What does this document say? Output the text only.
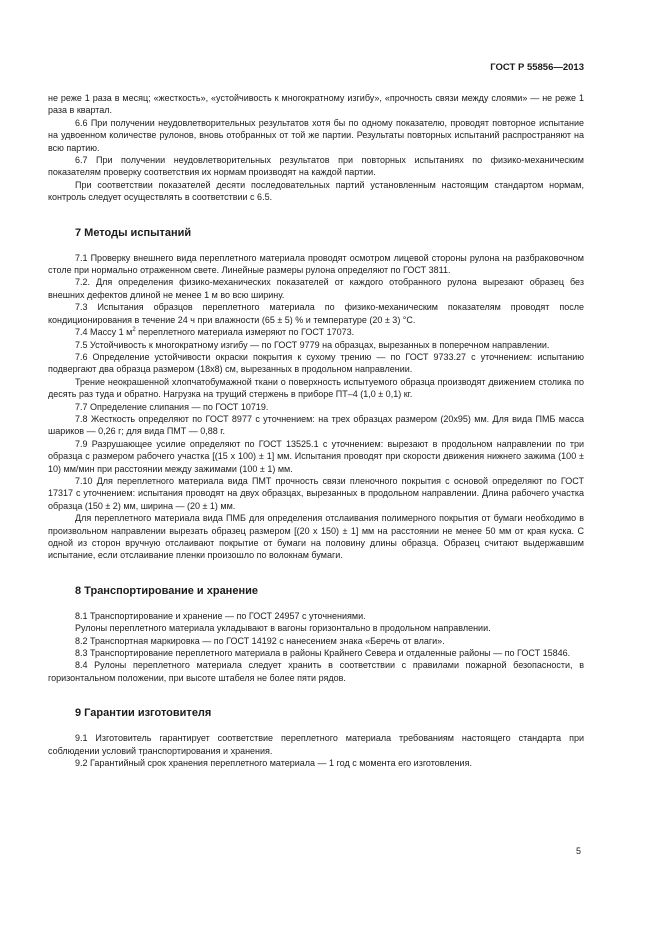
ГОСТ Р 55856—2013

не реже 1 раза в месяц; «жесткость», «устойчивость к многократному изгибу», «прочность связи между слоями» — не реже 1 раза в квартал.

6.6 При получении неудовлетворительных результатов хотя бы по одному показателю, проводят повторное испытание на удвоенном количестве рулонов, вновь отобранных от той же партии. Результаты повторных испытаний распространяют на всю партию.

6.7 При получении неудовлетворительных результатов при повторных испытаниях по физико-механическим показателям проверку соответствия их нормам производят на каждой партии.

При соответствии показателей десяти последовательных партий установленным настоящим стандартом нормам, контроль следует осуществлять в соответствии с 6.5.

7 Методы испытаний

7.1 Проверку внешнего вида переплетного материала проводят осмотром лицевой стороны рулона на разбраковочном столе при нормально отраженном свете. Линейные размеры рулона определяют по ГОСТ 3811.

7.2. Для определения физико-механических показателей от каждого отобранного рулона вырезают образец без внешних дефектов длиной не менее 1 м во всю ширину.

7.3 Испытания образцов переплетного материала по физико-механическим показателям проводят после кондиционирования в течение 24 ч при влажности (65 ± 5) % и температуре (20 ± 3) °С.

7.4 Массу 1 $м^2$ переплетного материала измеряют по ГОСТ 17073.

7.5 Устойчивость к многократному изгибу — по ГОСТ 9779 на образцах, вырезанных в поперечном направлении.

7.6 Определение устойчивости окраски покрытия к сухому трению — по ГОСТ 9733.27 с уточнением: испытанию подвергают два образца размером (18x8) см, вырезанных в продольном направлении.

Трение неокрашенной хлопчатобумажной ткани о поверхность испытуемого образца производят движением столика по десять раз туда и обратно. Нагрузка на трущий стержень в приборе ПТ–4 (1,0 ± 0,1) кг.

7.7 Определение слипания — по ГОСТ 10719.

7.8 Жесткость определяют по ГОСТ 8977 с уточнением: на трех образцах размером (20x95) мм. Для вида ПМБ масса шариков — 0,26 г; для вида ПМТ — 0,88 г.

7.9 Разрушающее усилие определяют по ГОСТ 13525.1 с уточнением: вырезают в продольном направлении по три образца с размером рабочего участка [(15 x 100) ± 1] мм. Испытания проводят при скорости движения нижнего зажима (100 ± 10) мм/мин при расстоянии между зажимами (100 ± 1) мм.

7.10 Для переплетного материала вида ПМТ прочность связи пленочного покрытия с основой определяют по ГОСТ 17317 с уточнением: испытания проводят на двух образцах, вырезанных в продольном направлении. Длина рабочего участка образца (150 ± 2) мм, ширина — (20 ± 1) мм.

Для переплетного материала вида ПМБ для определения отслаивания полимерного покрытия от бумаги необходимо в произвольном направлении вырезать образец размером [(20 x 150) ± 1] мм на расстоянии не менее 50 мм от края куска. С одной из сторон вручную отслаивают покрытие от бумаги на половину длины образца. Образец считают выдержавшим испытание, если отслаивание пленки произошло по волокнам бумаги.

8 Транспортирование и хранение

8.1 Транспортирование и хранение — по ГОСТ 24957 с уточнениями.

Рулоны переплетного материала укладывают в вагоны горизонтально в продольном направлении.

8.2 Транспортная маркировка — по ГОСТ 14192 с нанесением знака «Беречь от влаги».

8.3 Транспортирование переплетного материала в районы Крайнего Севера и отдаленные районы — по ГОСТ 15846.

8.4 Рулоны переплетного материала следует хранить в соответствии с правилами пожарной безопасности, в горизонтальном положении, при высоте штабеля не более пяти рядов.

9 Гарантии изготовителя

9.1 Изготовитель гарантирует соответствие переплетного материала требованиям настоящего стандарта при соблюдении условий транспортирования и хранения.

9.2 Гарантийный срок хранения переплетного материала — 1 год с момента его изготовления.

5
